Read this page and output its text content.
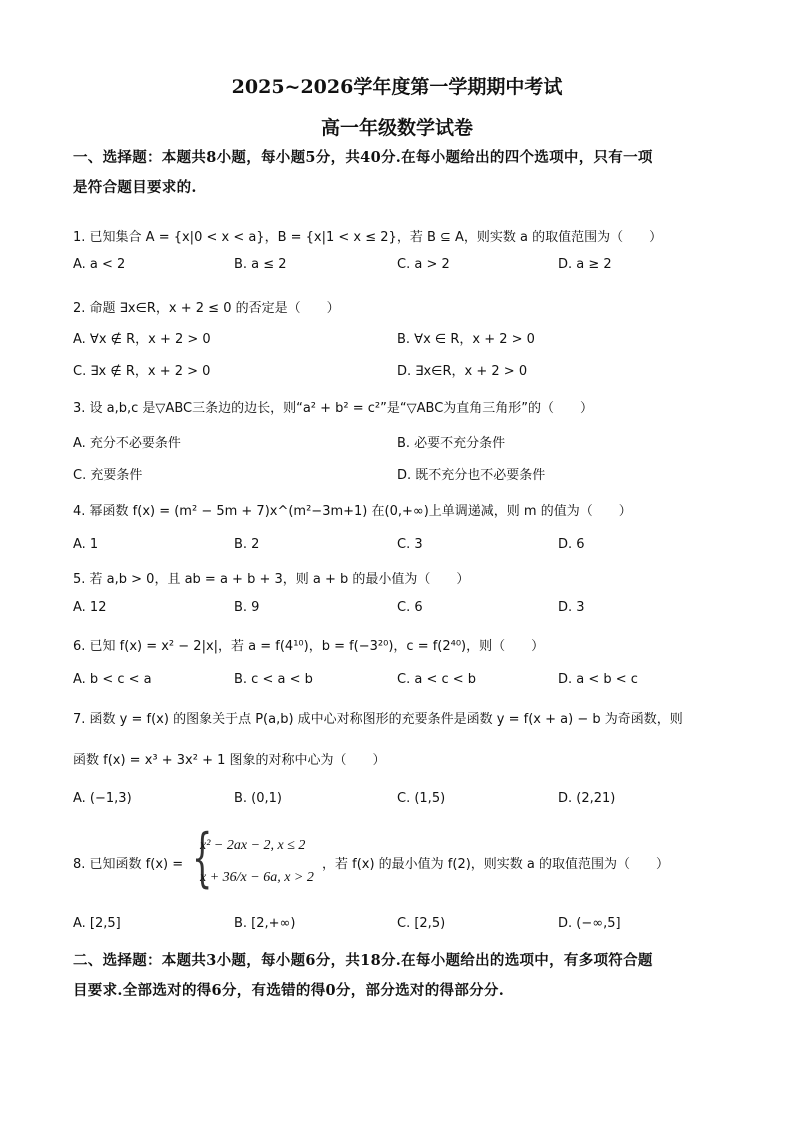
2025~2026学年度第一学期期中考试
高一年级数学试卷
一、选择题：本题共8小题，每小题5分，共40分.在每小题给出的四个选项中，只有一项
是符合题目要求的.
1. 已知集合 A = {x|0 < x < a}，B = {x|1 < x ≤ 2}，若 B ⊆ A，则实数 a 的取值范围为（　　）
A. a < 2	B. a ≤ 2	C. a > 2	D. a ≥ 2
2. 命题 ∃x∈R，x + 2 ≤ 0 的否定是（　　）
A. ∀x ∉ R，x + 2 > 0	B. ∀x ∈ R，x + 2 > 0
C. ∃x ∉ R，x + 2 > 0	D. ∃x∈R，x + 2 > 0
3. 设 a,b,c 是▽ABC三条边的边长，则“a² + b² = c²”是“▽ABC为直角三角形”的（　　）
A. 充分不必要条件	B. 必要不充分条件
C. 充要条件	D. 既不充分也不必要条件
4. 幂函数 f(x) = (m² − 5m + 7)x^(m²−3m+1) 在(0,+∞)上单调递减，则 m 的值为（　　）
A. 1	B. 2	C. 3	D. 6
5. 若 a,b > 0，且 ab = a + b + 3，则 a + b 的最小值为（　　）
A. 12	B. 9	C. 6	D. 3
6. 已知 f(x) = x² − 2|x|，若 a = f(4¹⁰)，b = f(−3²⁰)，c = f(2⁴⁰)，则（　　）
A. b < c < a	B. c < a < b	C. a < c < b	D. a < b < c
7. 函数 y = f(x) 的图象关于点 P(a,b) 成中心对称图形的充要条件是函数 y = f(x + a) − b 为奇函数，则
函数 f(x) = x³ + 3x² + 1 图象的对称中心为（　　）
A. (−1,3)	B. (0,1)	C. (1,5)	D. (2,21)
8. 已知函数 f(x) = {
x² − 2ax − 2, x ≤ 2
x + 36/x − 6a, x > 2
，若 f(x) 的最小值为 f(2)，则实数 a 的取值范围为（　　）
A. [2,5]	B. [2,+∞)	C. [2,5)	D. (−∞,5]
二、选择题：本题共3小题，每小题6分，共18分.在每小题给出的选项中，有多项符合题
目要求.全部选对的得6分，有选错的得0分，部分选对的得部分分.
